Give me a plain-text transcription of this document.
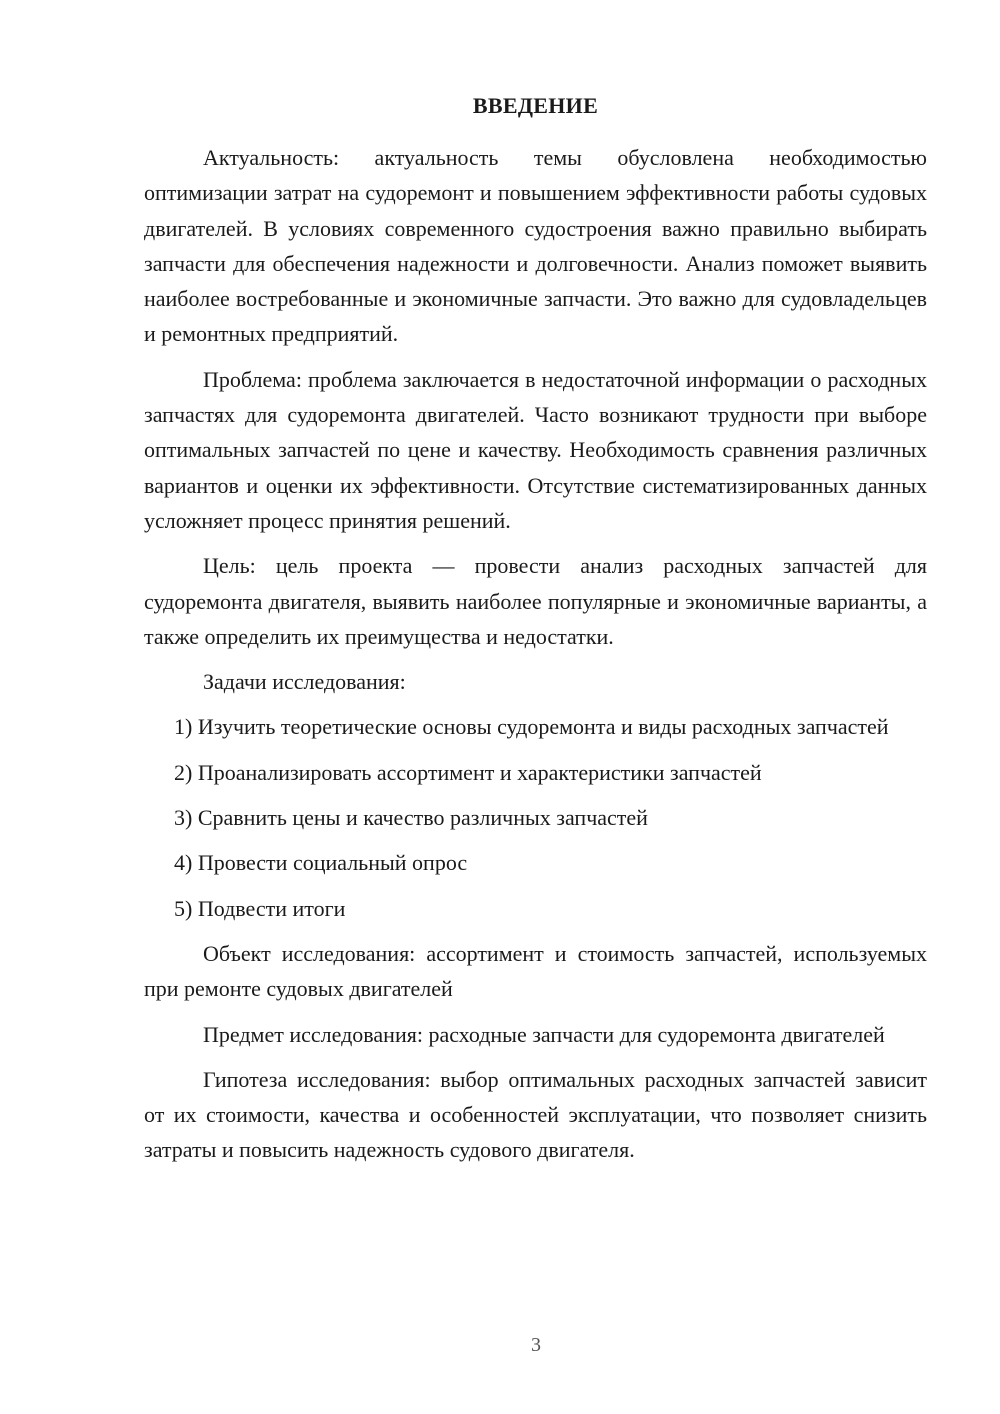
ВВЕДЕНИЕ

Актуальность: актуальность темы обусловлена необходимостью оптимизации затрат на судоремонт и повышением эффективности работы судовых двигателей. В условиях современного судостроения важно правильно выбирать запчасти для обеспечения надежности и долговечности. Анализ поможет выявить наиболее востребованные и экономичные запчасти. Это важно для судовладельцев и ремонтных предприятий.

Проблема: проблема заключается в недостаточной информации о расходных запчастях для судоремонта двигателей. Часто возникают трудности при выборе оптимальных запчастей по цене и качеству. Необходимость сравнения различных вариантов и оценки их эффективности. Отсутствие систематизированных данных усложняет процесс принятия решений.

Цель: цель проекта — провести анализ расходных запчастей для судоремонта двигателя, выявить наиболее популярные и экономичные варианты, а также определить их преимущества и недостатки.

Задачи исследования:

1) Изучить теоретические основы судоремонта и виды расходных запчастей

2) Проанализировать ассортимент и характеристики запчастей

3) Сравнить цены и качество различных запчастей

4) Провести социальный опрос

5) Подвести итоги

Объект исследования: ассортимент и стоимость запчастей, используемых при ремонте судовых двигателей

Предмет исследования: расходные запчасти для судоремонта двигателей

Гипотеза исследования: выбор оптимальных расходных запчастей зависит от их стоимости, качества и особенностей эксплуатации, что позволяет снизить затраты и повысить надежность судового двигателя.

3
